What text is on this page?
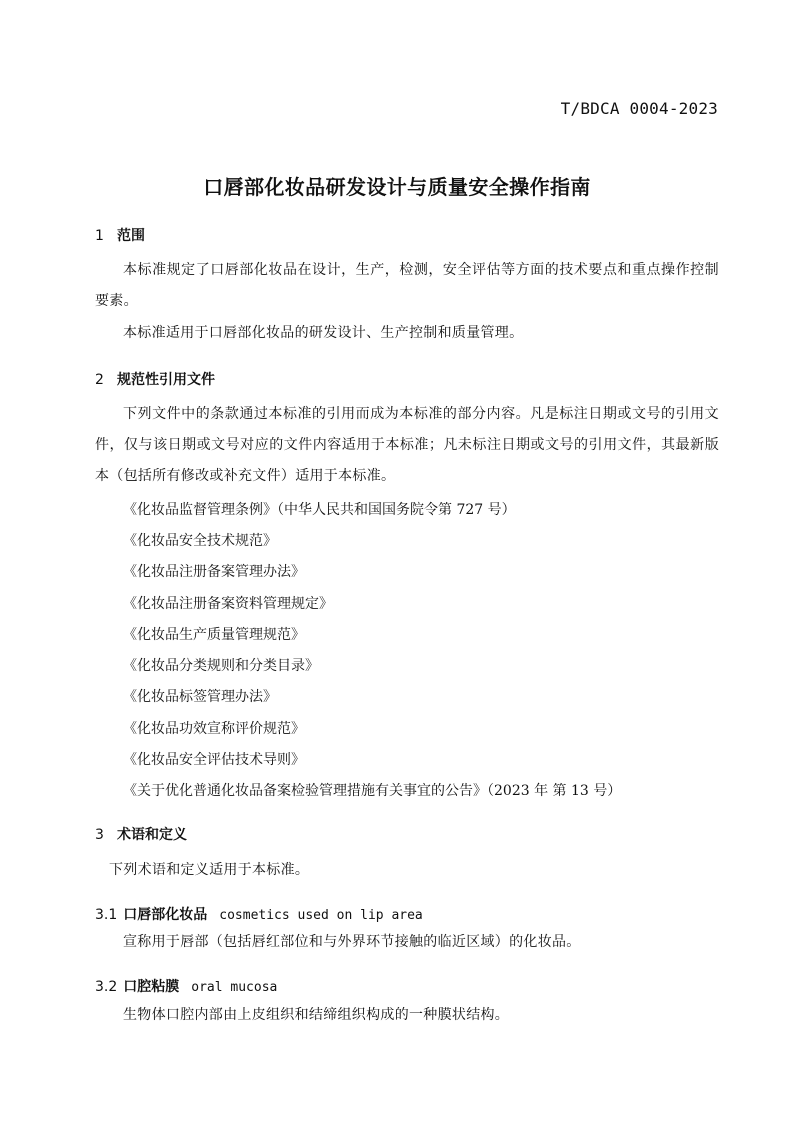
T/BDCA 0004-2023
口唇部化妆品研发设计与质量安全操作指南
1 范围
本标准规定了口唇部化妆品在设计，生产，检测，安全评估等方面的技术要点和重点操作控制要素。
本标准适用于口唇部化妆品的研发设计、生产控制和质量管理。
2 规范性引用文件
下列文件中的条款通过本标准的引用而成为本标准的部分内容。凡是标注日期或文号的引用文件，仅与该日期或文号对应的文件内容适用于本标准；凡未标注日期或文号的引用文件，其最新版本（包括所有修改或补充文件）适用于本标准。
《化妆品监督管理条例》（中华人民共和国国务院令第 727 号）
《化妆品安全技术规范》
《化妆品注册备案管理办法》
《化妆品注册备案资料管理规定》
《化妆品生产质量管理规范》
《化妆品分类规则和分类目录》
《化妆品标签管理办法》
《化妆品功效宣称评价规范》
《化妆品安全评估技术导则》
《关于优化普通化妆品备案检验管理措施有关事宜的公告》（2023 年 第 13 号）
3 术语和定义
下列术语和定义适用于本标准。
3.1 口唇部化妆品 cosmetics used on lip area
宣称用于唇部（包括唇红部位和与外界环节接触的临近区域）的化妆品。
3.2 口腔粘膜 oral mucosa
生物体口腔内部由上皮组织和结缔组织构成的一种膜状结构。
